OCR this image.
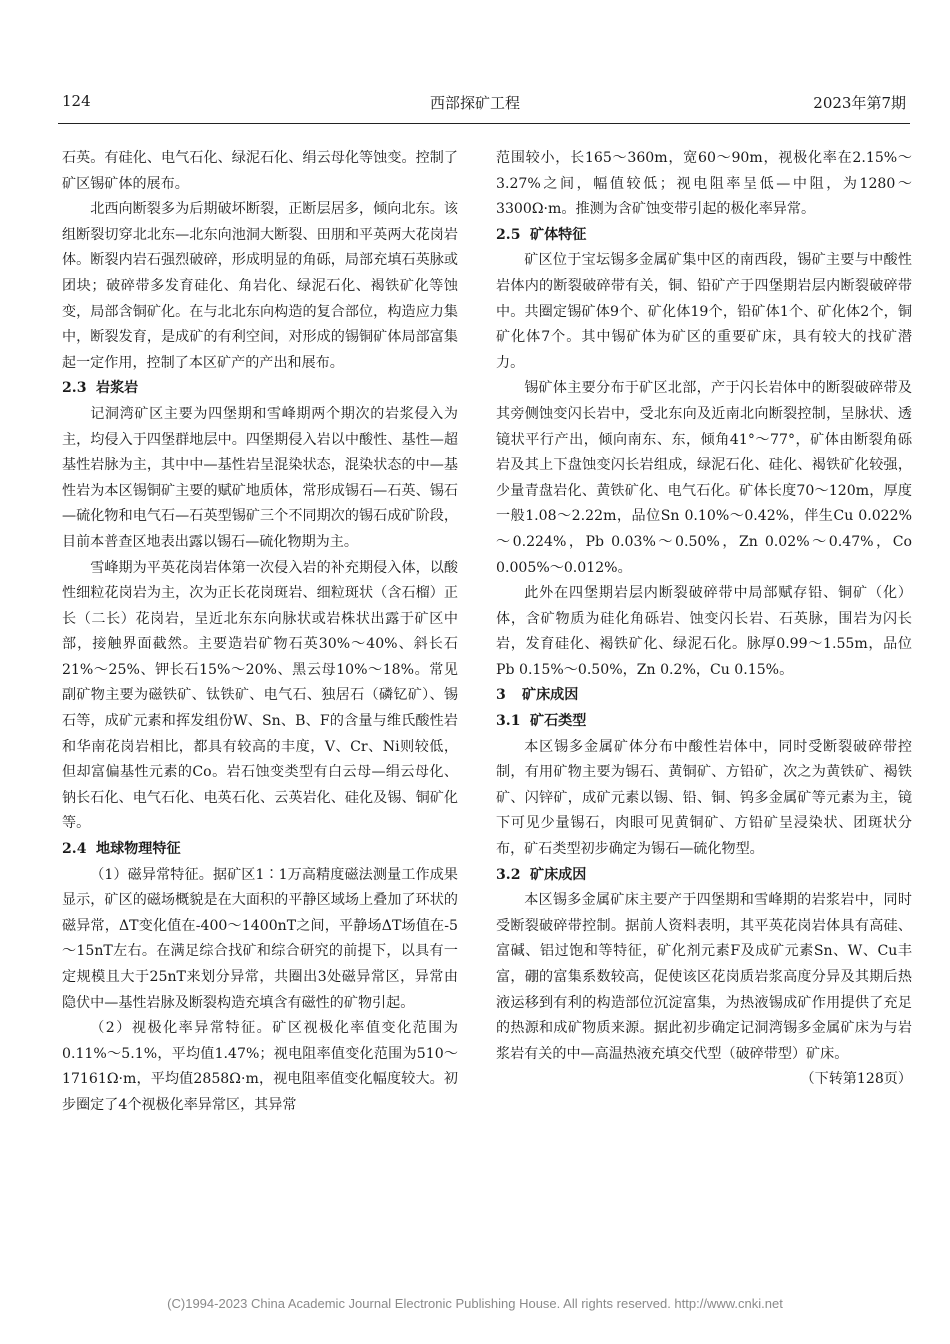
124	西部探矿工程	2023年第7期

石英。有硅化、电气石化、绿泥石化、绢云母化等蚀变。控制了矿区锡矿体的展布。

北西向断裂多为后期破坏断裂，正断层居多，倾向北东。该组断裂切穿北北东—北东向池洞大断裂、田朋和平英两大花岗岩体。断裂内岩石强烈破碎，形成明显的角砾，局部充填石英脉或团块；破碎带多发育硅化、角岩化、绿泥石化、褐铁矿化等蚀变，局部含铜矿化。在与北北东向构造的复合部位，构造应力集中，断裂发育，是成矿的有利空间，对形成的锡铜矿体局部富集起一定作用，控制了本区矿产的产出和展布。

2.3 岩浆岩

记洞湾矿区主要为四堡期和雪峰期两个期次的岩浆侵入为主，均侵入于四堡群地层中。四堡期侵入岩以中酸性、基性—超基性岩脉为主，其中中—基性岩呈混染状态，混染状态的中—基性岩为本区锡铜矿主要的赋矿地质体，常形成锡石—石英、锡石—硫化物和电气石—石英型锡矿三个不同期次的锡石成矿阶段，目前本普查区地表出露以锡石—硫化物期为主。

雪峰期为平英花岗岩体第一次侵入岩的补充期侵入体，以酸性细粒花岗岩为主，次为正长花岗斑岩、细粒斑状（含石榴）正长（二长）花岗岩，呈近北东东向脉状或岩株状出露于矿区中部，接触界面截然。主要造岩矿物石英30%～40%、斜长石21%～25%、钾长石15%～20%、黑云母10%～18%。常见副矿物主要为磁铁矿、钛铁矿、电气石、独居石（磷钇矿）、锡石等，成矿元素和挥发组份W、Sn、B、F的含量与维氏酸性岩和华南花岗岩相比，都具有较高的丰度，V、Cr、Ni则较低，但却富偏基性元素的Co。岩石蚀变类型有白云母—绢云母化、钠长石化、电气石化、电英石化、云英岩化、硅化及锡、铜矿化等。

2.4 地球物理特征

（1）磁异常特征。据矿区1∶1万高精度磁法测量工作成果显示，矿区的磁场概貌是在大面积的平静区域场上叠加了环状的磁异常，ΔT变化值在-400～1400nT之间，平静场ΔT场值在-5～15nT左右。在满足综合找矿和综合研究的前提下，以具有一定规模且大于25nT来划分异常，共圈出3处磁异常区，异常由隐伏中—基性岩脉及断裂构造充填含有磁性的矿物引起。

（2）视极化率异常特征。矿区视极化率值变化范围为0.11%～5.1%，平均值1.47%；视电阻率值变化范围为510～17161Ω·m，平均值2858Ω·m，视电阻率值变化幅度较大。初步圈定了4个视极化率异常区，其异常

范围较小，长165～360m，宽60～90m，视极化率在2.15%～3.27%之间，幅值较低；视电阻率呈低—中阻，为1280～3300Ω·m。推测为含矿蚀变带引起的极化率异常。

2.5 矿体特征

矿区位于宝坛锡多金属矿集中区的南西段，锡矿主要与中酸性岩体内的断裂破碎带有关，铜、铅矿产于四堡期岩层内断裂破碎带中。共圈定锡矿体9个、矿化体19个，铅矿体1个、矿化体2个，铜矿化体7个。其中锡矿体为矿区的重要矿床，具有较大的找矿潜力。

锡矿体主要分布于矿区北部，产于闪长岩体中的断裂破碎带及其旁侧蚀变闪长岩中，受北东向及近南北向断裂控制，呈脉状、透镜状平行产出，倾向南东、东，倾角41°～77°，矿体由断裂角砾岩及其上下盘蚀变闪长岩组成，绿泥石化、硅化、褐铁矿化较强，少量青盘岩化、黄铁矿化、电气石化。矿体长度70～120m，厚度一般1.08～2.22m，品位Sn 0.10%～0.42%，伴生Cu 0.022%～0.224%，Pb 0.03%～0.50%，Zn 0.02%～0.47%，Co 0.005%～0.012%。

此外在四堡期岩层内断裂破碎带中局部赋存铅、铜矿（化）体，含矿物质为硅化角砾岩、蚀变闪长岩、石英脉，围岩为闪长岩，发育硅化、褐铁矿化、绿泥石化。脉厚0.99～1.55m，品位Pb 0.15%～0.50%，Zn 0.2%，Cu 0.15%。

3 矿床成因
3.1 矿石类型

本区锡多金属矿体分布中酸性岩体中，同时受断裂破碎带控制，有用矿物主要为锡石、黄铜矿、方铅矿，次之为黄铁矿、褐铁矿、闪锌矿，成矿元素以锡、铅、铜、钨多金属矿等元素为主，镜下可见少量锡石，肉眼可见黄铜矿、方铅矿呈浸染状、团斑状分布，矿石类型初步确定为锡石—硫化物型。

3.2 矿床成因

本区锡多金属矿床主要产于四堡期和雪峰期的岩浆岩中，同时受断裂破碎带控制。据前人资料表明，其平英花岗岩体具有高硅、富碱、铝过饱和等特征，矿化剂元素F及成矿元素Sn、W、Cu丰富，硼的富集系数较高，促使该区花岗质岩浆高度分异及其期后热液运移到有利的构造部位沉淀富集，为热液锡成矿作用提供了充足的热源和成矿物质来源。据此初步确定记洞湾锡多金属矿床为与岩浆岩有关的中—高温热液充填交代型（破碎带型）矿床。
（下转第128页）

(C)1994-2023 China Academic Journal Electronic Publishing House. All rights reserved. http://www.cnki.net
